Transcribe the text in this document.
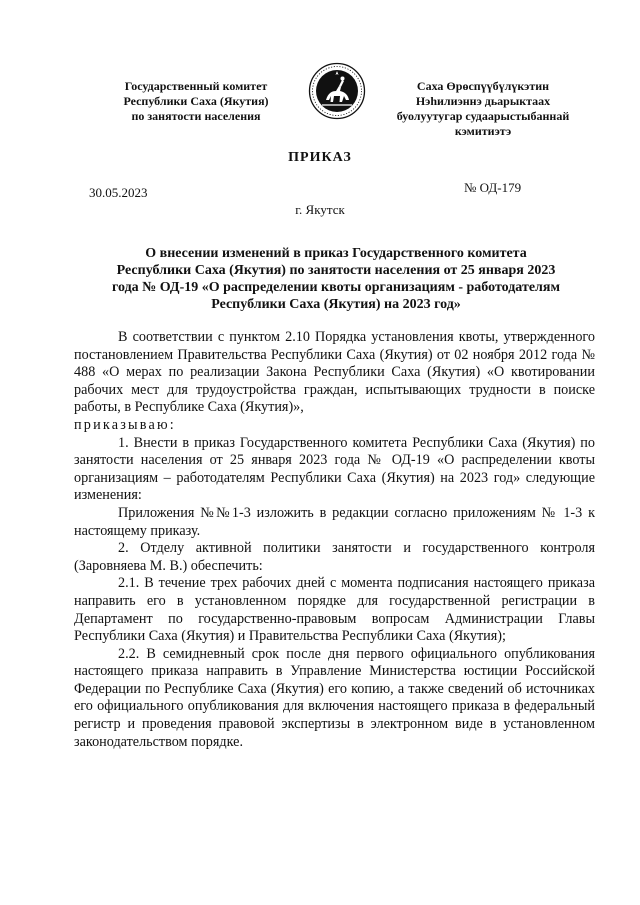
Государственный комитет
Республики Саха (Якутия)
по занятости населения
Саха Өрөспүүбүлүкэтин
Нэһилиэннэ дьарыктаах
буолуутугар судаарыстыбаннай
кэмитиэтэ
ПРИКАЗ
30.05.2023	№ ОД-179
г. Якутск
О внесении изменений в приказ Государственного комитета
Республики Саха (Якутия) по занятости населения от 25 января 2023
года № ОД-19 «О распределении квоты организациям - работодателям
Республики Саха (Якутия) на 2023 год»

В соответствии с пунктом 2.10 Порядка установления квоты, утвержденного постановлением Правительства Республики Саха (Якутия) от 02 ноября 2012 года № 488 «О мерах по реализации Закона Республики Саха (Якутия) «О квотировании рабочих мест для трудоустройства граждан, испытывающих трудности в поиске работы, в Республике Саха (Якутия)»,

приказываю:

1. Внести в приказ Государственного комитета Республики Саха (Якутия) по занятости населения от 25 января 2023 года № ОД-19 «О распределении квоты организациям – работодателям Республики Саха (Якутия) на 2023 год» следующие изменения:

Приложения №№1-3 изложить в редакции согласно приложениям № 1-3 к настоящему приказу.

2. Отделу активной политики занятости и государственного контроля (Заровняева М. В.) обеспечить:

2.1. В течение трех рабочих дней с момента подписания настоящего приказа направить его в установленном порядке для государственной регистрации в Департамент по государственно-правовым вопросам Администрации Главы Республики Саха (Якутия) и Правительства Республики Саха (Якутия);

2.2. В семидневный срок после дня первого официального опубликования настоящего приказа направить в Управление Министерства юстиции Российской Федерации по Республике Саха (Якутия) его копию, а также сведений об источниках его официального опубликования для включения настоящего приказа в федеральный регистр и проведения правовой экспертизы в электронном виде в установленном законодательством порядке.
